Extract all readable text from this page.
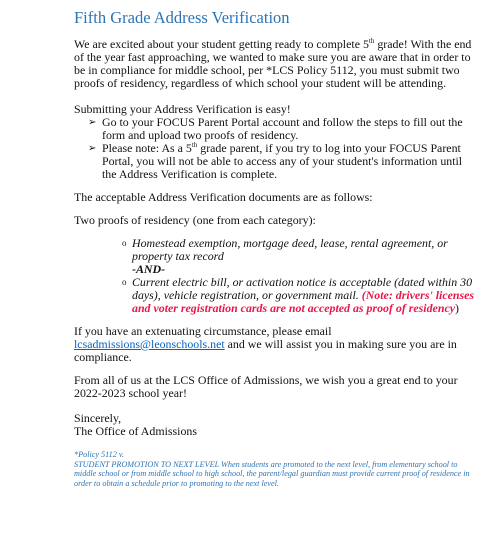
Fifth Grade Address Verification

We are excited about your student getting ready to complete 5th grade! With the end of the year fast approaching, we wanted to make sure you are aware that in order to be in compliance for middle school, per *LCS Policy 5112, you must submit two proofs of residency, regardless of which school your student will be attending.

Submitting your Address Verification is easy!

➢ Go to your FOCUS Parent Portal account and follow the steps to fill out the form and upload two proofs of residency.
➢ Please note: As a 5th grade parent, if you try to log into your FOCUS Parent Portal, you will not be able to access any of your student's information until the Address Verification is complete.

The acceptable Address Verification documents are as follows:

Two proofs of residency (one from each category):

o Homestead exemption, mortgage deed, lease, rental agreement, or property tax record
-AND-
o Current electric bill, or activation notice is acceptable (dated within 30 days), vehicle registration, or government mail. (Note: drivers' licenses and voter registration cards are not accepted as proof of residency)

If you have an extenuating circumstance, please email lcsadmissions@leonschools.net and we will assist you in making sure you are in compliance.

From all of us at the LCS Office of Admissions, we wish you a great end to your 2022-2023 school year!

Sincerely,

The Office of Admissions

*Policy 5112 v.

STUDENT PROMOTION TO NEXT LEVEL When students are promoted to the next level, from elementary school to middle school or from middle school to high school, the parent/legal guardian must provide current proof of residence in order to obtain a schedule prior to promoting to the next level.
